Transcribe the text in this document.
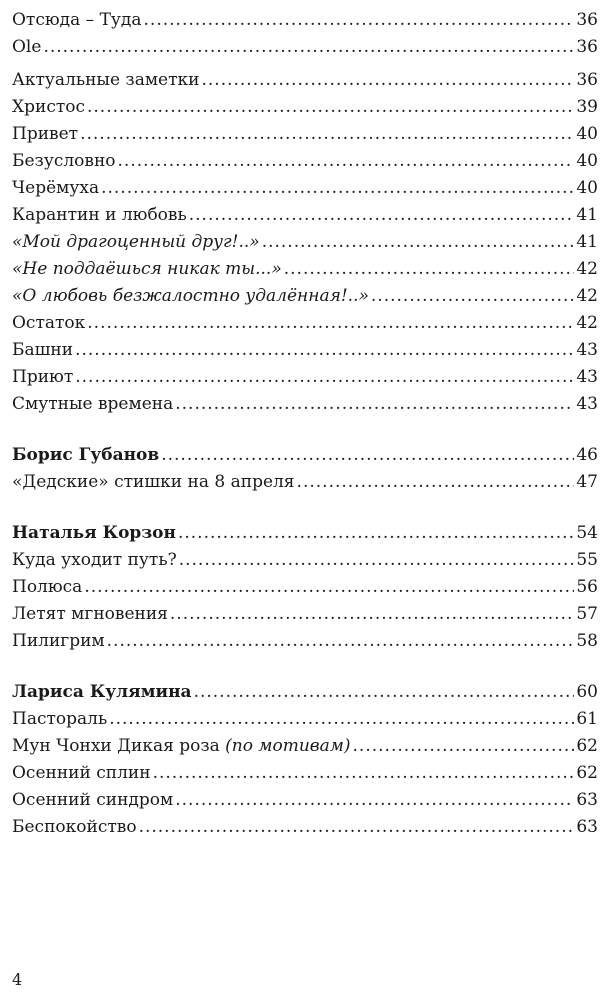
Отсюда – Туда .....	36
Ole .....	36
Актуальные заметки .....	36
Христос .....	39
Привет .....	40
Безусловно .....	40
Черёмуха .....	40
Карантин и любовь .....	41
«Мой драгоценный друг!..» .....	41
«Не поддаёшься никак ты...» .....	42
«О любовь безжалостно удалённая!..» .....	42
Остаток .....	42
Башни .....	43
Приют .....	43
Смутные времена .....	43
Борис Губанов .....	46
«Дедские» стишки на 8 апреля .....	47
Наталья Корзон .....	54
Куда уходит путь? .....	55
Полюса .....	56
Летят мгновения .....	57
Пилигрим .....	58
Лариса Кулямина .....	60
Пастораль .....	61
Мун Чонхи Дикая роза (по мотивам) .....	62
Осенний сплин .....	62
Осенний синдром .....	63
Беспокойство .....	63
4
